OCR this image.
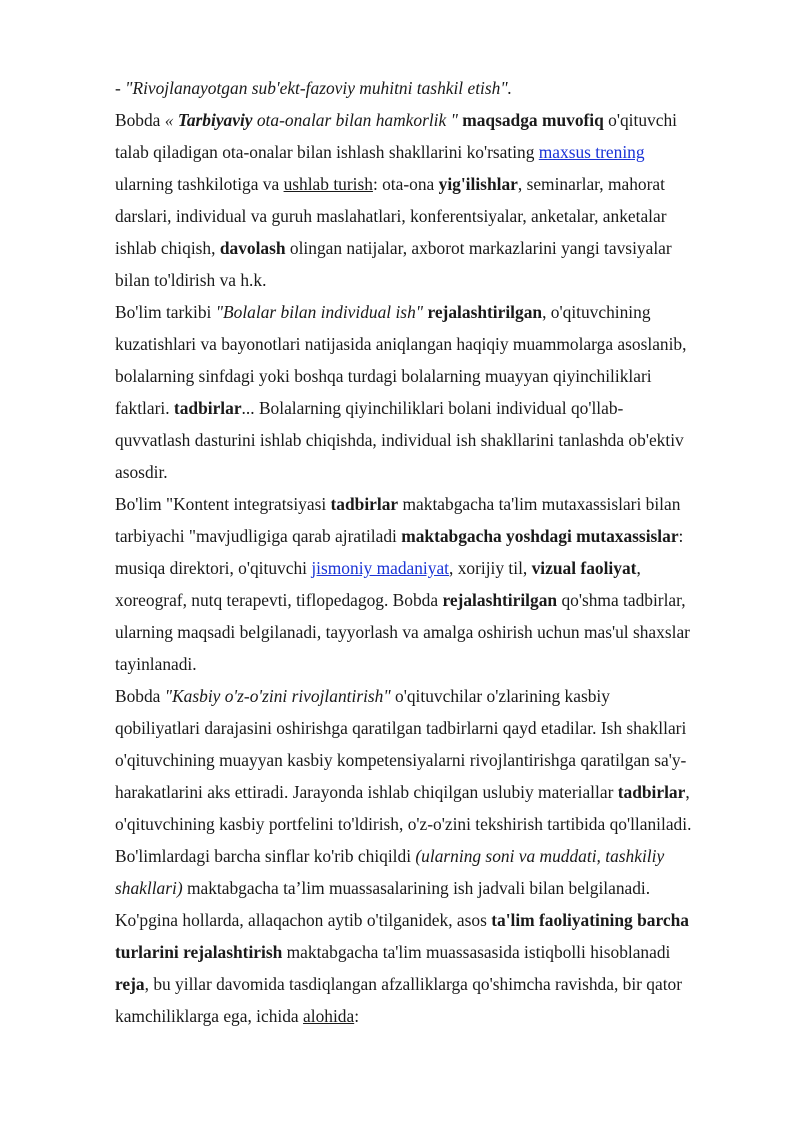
- "Rivojlanayotgan sub'ekt-fazoviy muhitni tashkil etish".
Bobda « Tarbiyaviy ota-onalar bilan hamkorlik " maqsadga muvofiq o'qituvchi
talab qiladigan ota-onalar bilan ishlash shakllarini ko'rsating maxsus trening
ularning tashkilotiga va ushlab turish: ota-ona yig'ilishlar, seminarlar, mahorat
darslari, individual va guruh maslahatlari, konferentsiyalar, anketalar, anketalar
ishlab chiqish, davolash olingan natijalar, axborot markazlarini yangi tavsiyalar
bilan to'ldirish va h.k.
Bo'lim tarkibi "Bolalar bilan individual ish" rejalashtirilgan, o'qituvchining
kuzatishlari va bayonotlari natijasida aniqlangan haqiqiy muammolarga asoslanib,
bolalarning sinfdagi yoki boshqa turdagi bolalarning muayyan qiyinchiliklari
faktlari. tadbirlar... Bolalarning qiyinchiliklari bolani individual qo'llab-
quvvatlash dasturini ishlab chiqishda, individual ish shakllarini tanlashda ob'ektiv
asosdir.
Bo'lim "Kontent integratsiyasi tadbirlar maktabgacha ta'lim mutaxassislari bilan
tarbiyachi "mavjudligiga qarab ajratiladi maktabgacha yoshdagi mutaxassislar:
musiqa direktori, o'qituvchi jismoniy madaniyat, xorijiy til, vizual faoliyat,
xoreograf, nutq terapevti, tiflopedagog. Bobda rejalashtirilgan qo'shma tadbirlar,
ularning maqsadi belgilanadi, tayyorlash va amalga oshirish uchun mas'ul shaxslar
tayinlanadi.
Bobda "Kasbiy o'z-o'zini rivojlantirish" o'qituvchilar o'zlarining kasbiy
qobiliyatlari darajasini oshirishga qaratilgan tadbirlarni qayd etadilar. Ish shakllari
o'qituvchining muayyan kasbiy kompetensiyalarni rivojlantirishga qaratilgan sa'y-
harakatlarini aks ettiradi. Jarayonda ishlab chiqilgan uslubiy materiallar tadbirlar,
o'qituvchining kasbiy portfelini to'ldirish, o'z-o'zini tekshirish tartibida qo'llaniladi.
Bo'limlardagi barcha sinflar ko'rib chiqildi (ularning soni va muddati, tashkiliy
shakllari) maktabgacha ta’lim muassasalarining ish jadvali bilan belgilanadi.
Ko'pgina hollarda, allaqachon aytib o'tilganidek, asos ta'lim faoliyatining barcha
turlarini rejalashtirish maktabgacha ta'lim muassasasida istiqbolli hisoblanadi
reja, bu yillar davomida tasdiqlangan afzalliklarga qo'shimcha ravishda, bir qator
kamchiliklarga ega, ichida alohida:
